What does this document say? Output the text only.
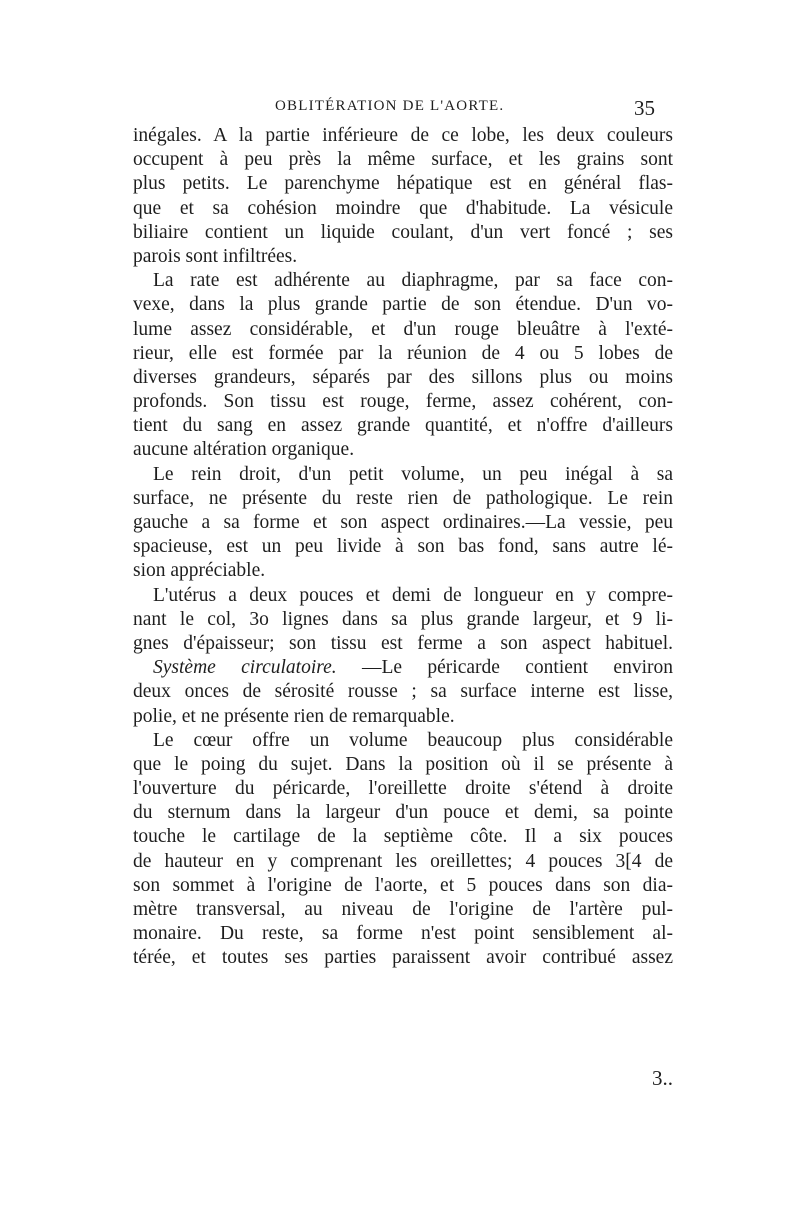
OBLITÉRATION DE L'AORTE.	35
inégales. A la partie inférieure de ce lobe, les deux couleurs
occupent à peu près la même surface, et les grains sont
plus petits. Le parenchyme hépatique est en général flas-
que et sa cohésion moindre que d'habitude. La vésicule
biliaire contient un liquide coulant, d'un vert foncé ; ses
parois sont infiltrées.
La rate est adhérente au diaphragme, par sa face con-
vexe, dans la plus grande partie de son étendue. D'un vo-
lume assez considérable, et d'un rouge bleuâtre à l'exté-
rieur, elle est formée par la réunion de 4 ou 5 lobes de
diverses grandeurs, séparés par des sillons plus ou moins
profonds. Son tissu est rouge, ferme, assez cohérent, con-
tient du sang en assez grande quantité, et n'offre d'ailleurs
aucune altération organique.
Le rein droit, d'un petit volume, un peu inégal à sa
surface, ne présente du reste rien de pathologique. Le rein
gauche a sa forme et son aspect ordinaires.—La vessie, peu
spacieuse, est un peu livide à son bas fond, sans autre lé-
sion appréciable.
L'utérus a deux pouces et demi de longueur en y compre-
nant le col, 3o lignes dans sa plus grande largeur, et 9 li-
gnes d'épaisseur; son tissu est ferme a son aspect habituel.
Système circulatoire. —Le péricarde contient environ
deux onces de sérosité rousse ; sa surface interne est lisse,
polie, et ne présente rien de remarquable.
Le cœur offre un volume beaucoup plus considérable
que le poing du sujet. Dans la position où il se présente à
l'ouverture du péricarde, l'oreillette droite s'étend à droite
du sternum dans la largeur d'un pouce et demi, sa pointe
touche le cartilage de la septième côte. Il a six pouces
de hauteur en y comprenant les oreillettes; 4 pouces 3[4 de
son sommet à l'origine de l'aorte, et 5 pouces dans son dia-
mètre transversal, au niveau de l'origine de l'artère pul-
monaire. Du reste, sa forme n'est point sensiblement al-
térée, et toutes ses parties paraissent avoir contribué assez
3..
